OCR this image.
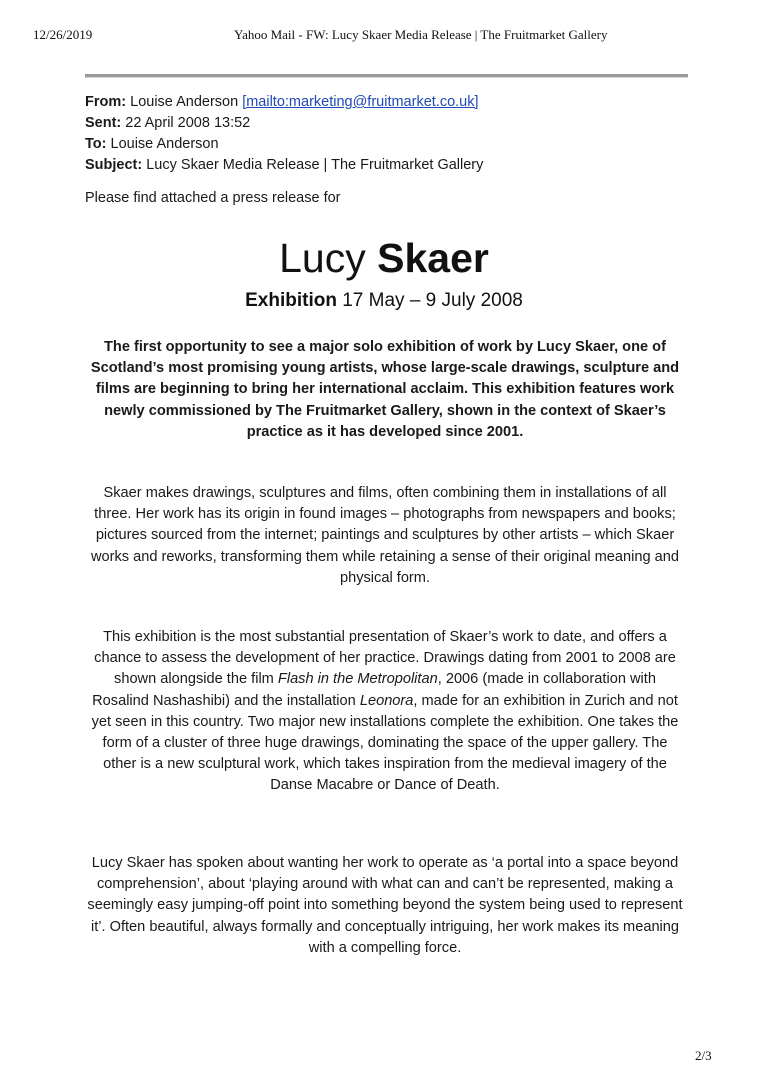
12/26/2019	Yahoo Mail - FW: Lucy Skaer Media Release | The Fruitmarket Gallery
From: Louise Anderson [mailto:marketing@fruitmarket.co.uk]
Sent: 22 April 2008 13:52
To: Louise Anderson
Subject: Lucy Skaer Media Release | The Fruitmarket Gallery
Please find attached a press release for
Lucy Skaer
Exhibition 17 May – 9 July 2008

The first opportunity to see a major solo exhibition of work by Lucy Skaer, one of Scotland’s most promising young artists, whose large-scale drawings, sculpture and films are beginning to bring her international acclaim. This exhibition features work newly commissioned by The Fruitmarket Gallery, shown in the context of Skaer’s practice as it has developed since 2001.

Skaer makes drawings, sculptures and films, often combining them in installations of all three. Her work has its origin in found images – photographs from newspapers and books; pictures sourced from the internet; paintings and sculptures by other artists – which Skaer works and reworks, transforming them while retaining a sense of their original meaning and physical form.

This exhibition is the most substantial presentation of Skaer’s work to date, and offers a chance to assess the development of her practice. Drawings dating from 2001 to 2008 are shown alongside the film Flash in the Metropolitan, 2006 (made in collaboration with Rosalind Nashashibi) and the installation Leonora, made for an exhibition in Zurich and not yet seen in this country. Two major new installations complete the exhibition. One takes the form of a cluster of three huge drawings, dominating the space of the upper gallery. The other is a new sculptural work, which takes inspiration from the medieval imagery of the Danse Macabre or Dance of Death.

Lucy Skaer has spoken about wanting her work to operate as ‘a portal into a space beyond comprehension’, about ‘playing around with what can and can’t be represented, making a seemingly easy jumping-off point into something beyond the system being used to represent it’. Often beautiful, always formally and conceptually intriguing, her work makes its meaning with a compelling force.

2/3
